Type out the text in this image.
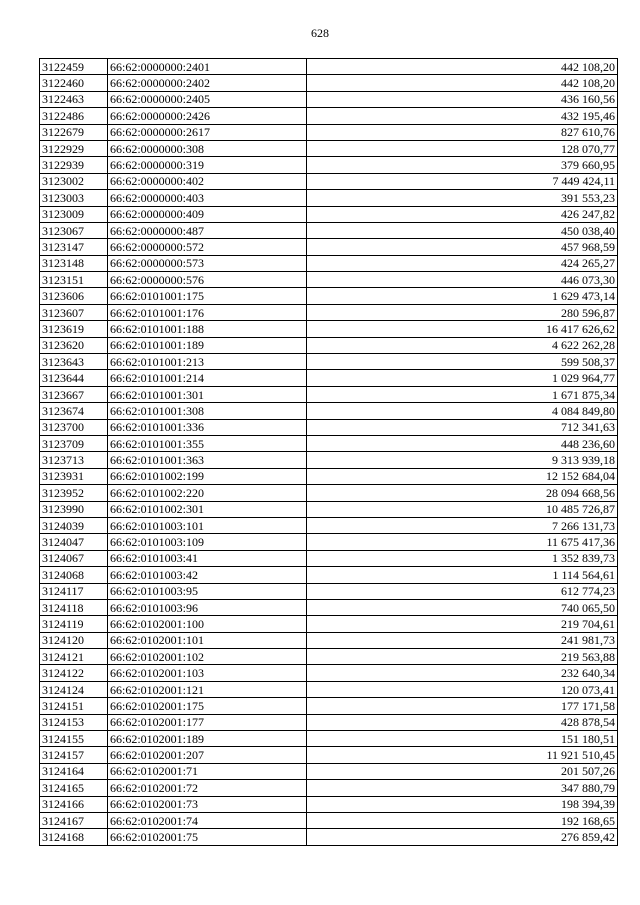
628
3122459	66:62:0000000:2401	442 108,20
3122460	66:62:0000000:2402	442 108,20
3122463	66:62:0000000:2405	436 160,56
3122486	66:62:0000000:2426	432 195,46
3122679	66:62:0000000:2617	827 610,76
3122929	66:62:0000000:308	128 070,77
3122939	66:62:0000000:319	379 660,95
3123002	66:62:0000000:402	7 449 424,11
3123003	66:62:0000000:403	391 553,23
3123009	66:62:0000000:409	426 247,82
3123067	66:62:0000000:487	450 038,40
3123147	66:62:0000000:572	457 968,59
3123148	66:62:0000000:573	424 265,27
3123151	66:62:0000000:576	446 073,30
3123606	66:62:0101001:175	1 629 473,14
3123607	66:62:0101001:176	280 596,87
3123619	66:62:0101001:188	16 417 626,62
3123620	66:62:0101001:189	4 622 262,28
3123643	66:62:0101001:213	599 508,37
3123644	66:62:0101001:214	1 029 964,77
3123667	66:62:0101001:301	1 671 875,34
3123674	66:62:0101001:308	4 084 849,80
3123700	66:62:0101001:336	712 341,63
3123709	66:62:0101001:355	448 236,60
3123713	66:62:0101001:363	9 313 939,18
3123931	66:62:0101002:199	12 152 684,04
3123952	66:62:0101002:220	28 094 668,56
3123990	66:62:0101002:301	10 485 726,87
3124039	66:62:0101003:101	7 266 131,73
3124047	66:62:0101003:109	11 675 417,36
3124067	66:62:0101003:41	1 352 839,73
3124068	66:62:0101003:42	1 114 564,61
3124117	66:62:0101003:95	612 774,23
3124118	66:62:0101003:96	740 065,50
3124119	66:62:0102001:100	219 704,61
3124120	66:62:0102001:101	241 981,73
3124121	66:62:0102001:102	219 563,88
3124122	66:62:0102001:103	232 640,34
3124124	66:62:0102001:121	120 073,41
3124151	66:62:0102001:175	177 171,58
3124153	66:62:0102001:177	428 878,54
3124155	66:62:0102001:189	151 180,51
3124157	66:62:0102001:207	11 921 510,45
3124164	66:62:0102001:71	201 507,26
3124165	66:62:0102001:72	347 880,79
3124166	66:62:0102001:73	198 394,39
3124167	66:62:0102001:74	192 168,65
3124168	66:62:0102001:75	276 859,42
